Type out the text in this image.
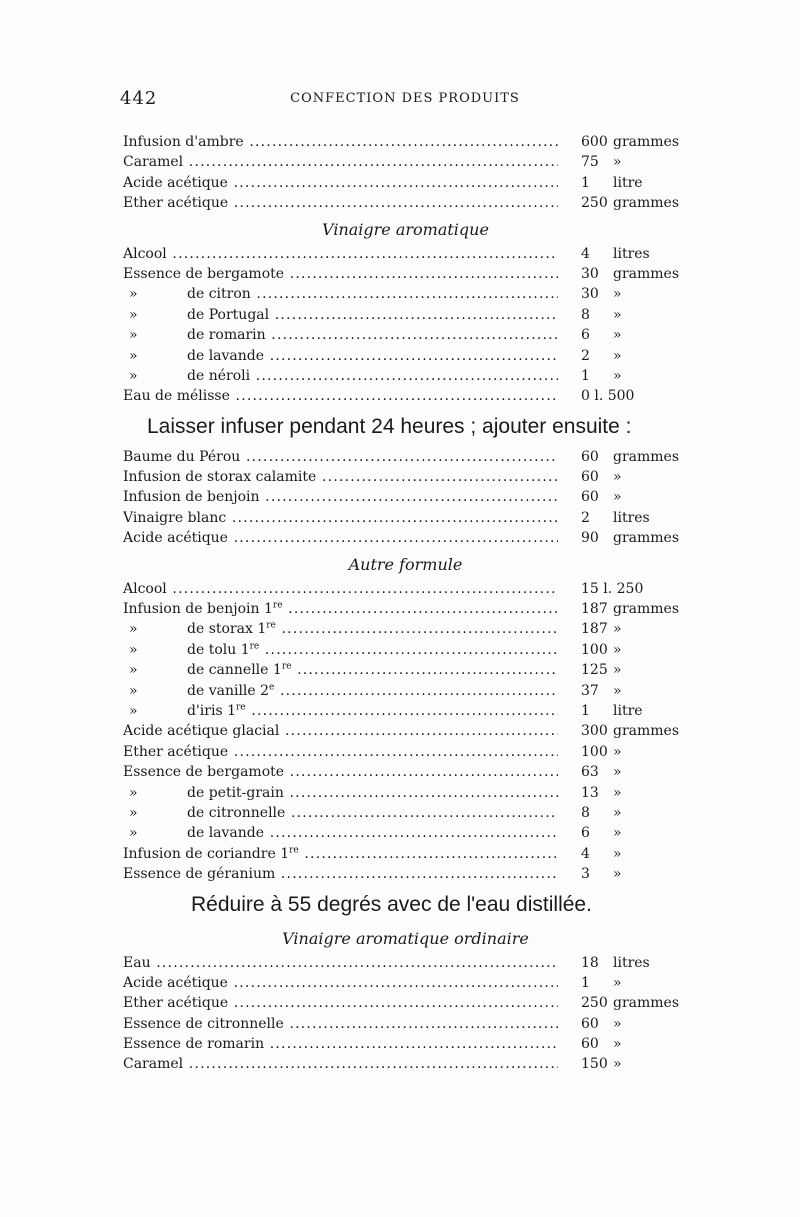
442	CONFECTION DES PRODUITS
Infusion d'ambre .....	600 grammes
Caramel .....	75 »
Acide acétique .....	1 litre
Ether acétique .....	250 grammes
Vinaigre aromatique
Alcool .....	4 litres
Essence de bergamote .....	30 grammes
»	de citron .....	30 »
»	de Portugal .....	8 »
»	de romarin .....	6 »
»	de lavande .....	2 »
»	de néroli .....	1 »
Eau de mélisse .....	0 l. 500
Laisser infuser pendant 24 heures ; ajouter ensuite :
Baume du Pérou .....	60 grammes
Infusion de storax calamite .....	60 »
Infusion de benjoin .....	60 »
Vinaigre blanc .....	2 litres
Acide acétique .....	90 grammes
Autre formule
Alcool .....	15 l. 250
Infusion de benjoin 1re .....	187 grammes
»	de storax 1re .....	187 »
»	de tolu 1re .....	100 »
»	de cannelle 1re .....	125 »
»	de vanille 2e .....	37 »
»	d'iris 1re .....	1 litre
Acide acétique glacial .....	300 grammes
Ether acétique .....	100 »
Essence de bergamote .....	63 »
»	de petit-grain .....	13 »
»	de citronnelle .....	8 »
»	de lavande .....	6 »
Infusion de coriandre 1re .....	4 »
Essence de géranium .....	3 »
Réduire à 55 degrés avec de l'eau distillée.
Vinaigre aromatique ordinaire
Eau .....	18 litres
Acide acétique .....	1 »
Ether acétique .....	250 grammes
Essence de citronnelle .....	60 »
Essence de romarin .....	60 »
Caramel .....	150 »
